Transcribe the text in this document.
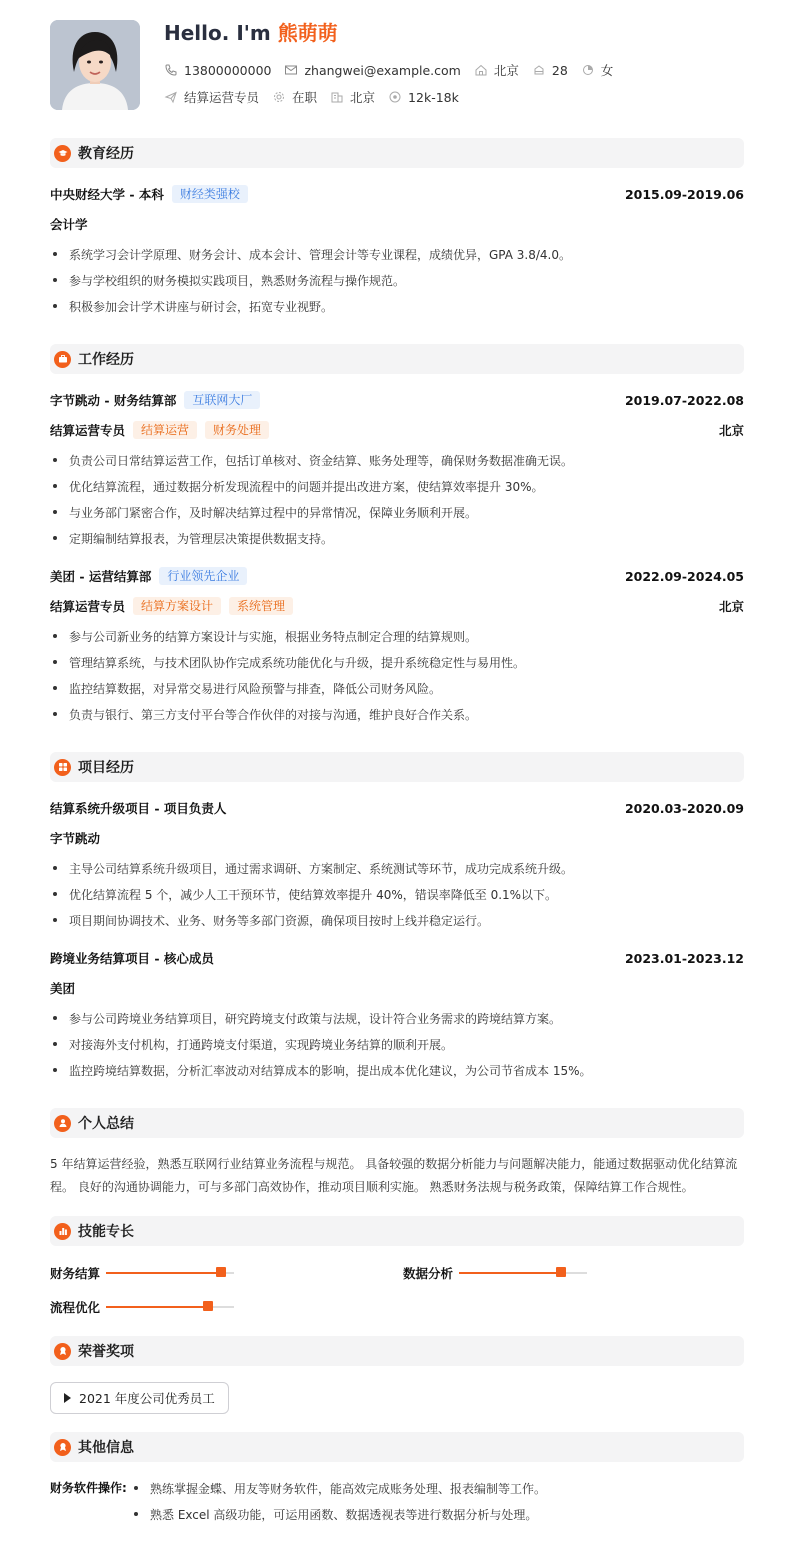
Hello. I'm 熊萌萌
13800000000	zhangwei@example.com	北京	28	女
结算运营专员	在职	北京	12k-18k
教育经历
中央财经大学 - 本科	财经类强校	2015.09-2019.06
会计学
系统学习会计学原理、财务会计、成本会计、管理会计等专业课程，成绩优异，GPA 3.8/4.0。
参与学校组织的财务模拟实践项目，熟悉财务流程与操作规范。
积极参加会计学术讲座与研讨会，拓宽专业视野。
工作经历
字节跳动 - 财务结算部	互联网大厂	2019.07-2022.08
结算运营专员	结算运营	财务处理	北京
负责公司日常结算运营工作，包括订单核对、资金结算、账务处理等，确保财务数据准确无误。
优化结算流程，通过数据分析发现流程中的问题并提出改进方案，使结算效率提升 30%。
与业务部门紧密合作，及时解决结算过程中的异常情况，保障业务顺利开展。
定期编制结算报表，为管理层决策提供数据支持。
美团 - 运营结算部	行业领先企业	2022.09-2024.05
结算运营专员	结算方案设计	系统管理	北京
参与公司新业务的结算方案设计与实施，根据业务特点制定合理的结算规则。
管理结算系统，与技术团队协作完成系统功能优化与升级，提升系统稳定性与易用性。
监控结算数据，对异常交易进行风险预警与排查，降低公司财务风险。
负责与银行、第三方支付平台等合作伙伴的对接与沟通，维护良好合作关系。
项目经历
结算系统升级项目 - 项目负责人	2020.03-2020.09
字节跳动
主导公司结算系统升级项目，通过需求调研、方案制定、系统测试等环节，成功完成系统升级。
优化结算流程 5 个，减少人工干预环节，使结算效率提升 40%，错误率降低至 0.1%以下。
项目期间协调技术、业务、财务等多部门资源，确保项目按时上线并稳定运行。
跨境业务结算项目 - 核心成员	2023.01-2023.12
美团
参与公司跨境业务结算项目，研究跨境支付政策与法规，设计符合业务需求的跨境结算方案。
对接海外支付机构，打通跨境支付渠道，实现跨境业务结算的顺利开展。
监控跨境结算数据，分析汇率波动对结算成本的影响，提出成本优化建议，为公司节省成本 15%。
个人总结
5 年结算运营经验，熟悉互联网行业结算业务流程与规范。 具备较强的数据分析能力与问题解决能力，能通过数据驱动优化结算流程。 良好的沟通协调能力，可与多部门高效协作，推动项目顺利实施。 熟悉财务法规与税务政策，保障结算工作合规性。
技能专长
财务结算	数据分析
流程优化
荣誉奖项
2021 年度公司优秀员工
其他信息
财务软件操作: 熟练掌握金蝶、用友等财务软件，能高效完成账务处理、报表编制等工作。
熟悉 Excel 高级功能，可运用函数、数据透视表等进行数据分析与处理。
